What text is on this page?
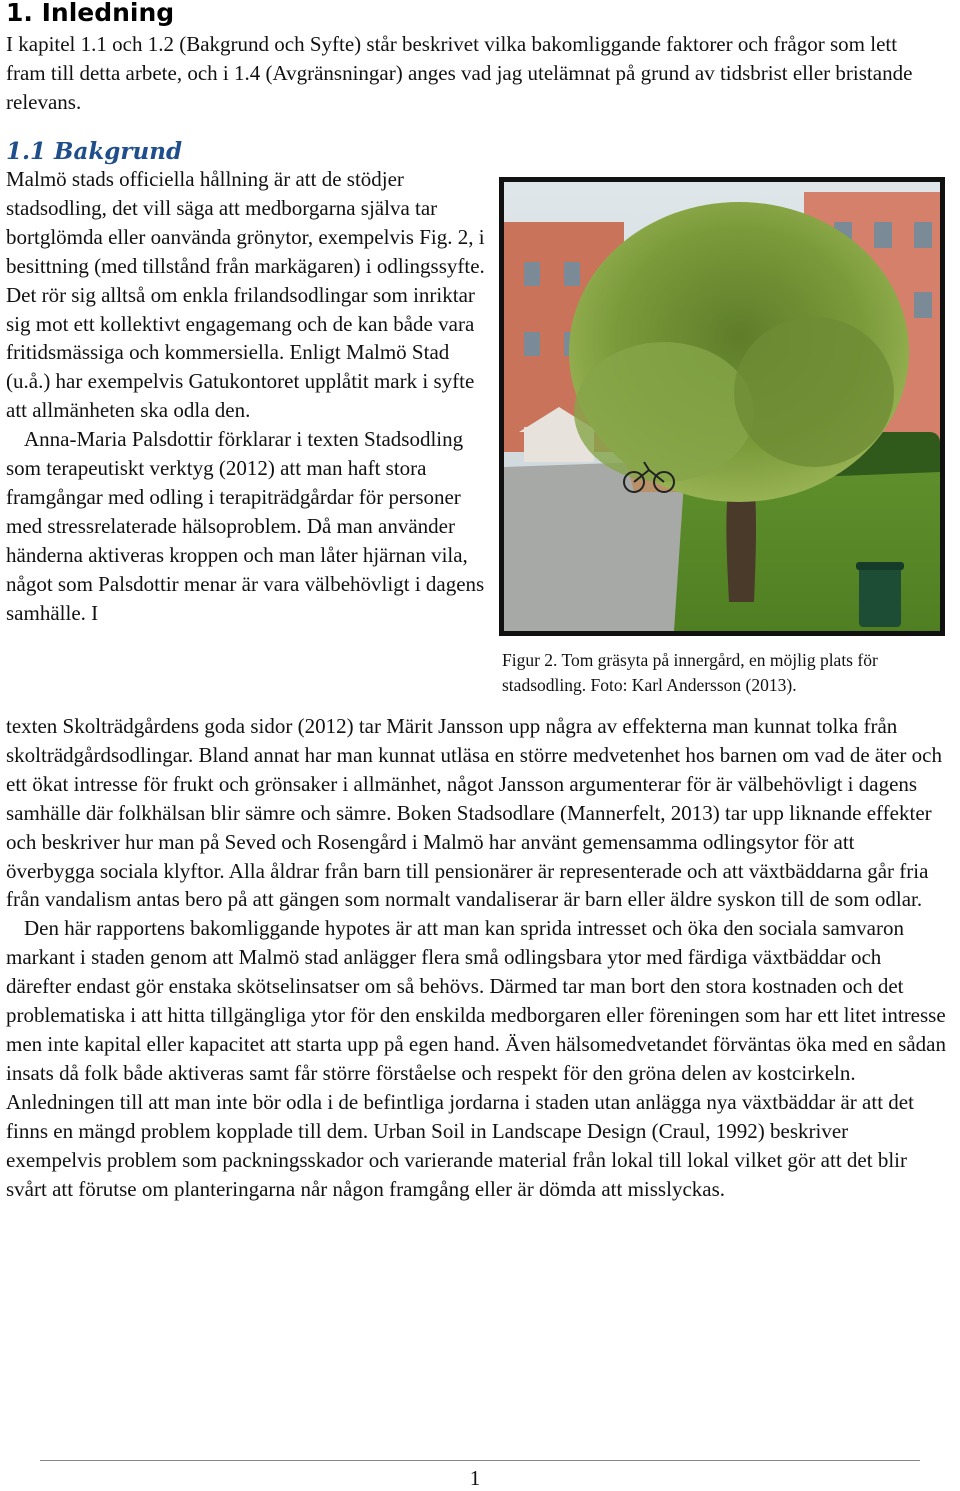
1. Inledning

I kapitel 1.1 och 1.2 (Bakgrund och Syfte) står beskrivet vilka bakomliggande faktorer och frågor som lett fram till detta arbete, och i 1.4 (Avgränsningar) anges vad jag utelämnat på grund av tidsbrist eller bristande relevans.

1.1 Bakgrund

Malmö stads officiella hållning är att de stödjer stadsodling, det vill säga att medborgarna själva tar bortglömda eller oanvända grönytor, exempelvis Fig. 2, i besittning (med tillstånd från markägaren) i odlingssyfte. Det rör sig alltså om enkla frilandsodlingar som inriktar sig mot ett kollektivt engagemang och de kan både vara fritidsmässiga och kommersiella. Enligt Malmö Stad (u.å.) har exempelvis Gatukontoret upplåtit mark i syfte att allmänheten ska odla den.

Anna-Maria Palsdottir förklarar i texten Stadsodling som terapeutiskt verktyg (2012) att man haft stora framgångar med odling i terapiträdgårdar för personer med stressrelaterade hälsoproblem. Då man använder händerna aktiveras kroppen och man låter hjärnan vila, något som Palsdottir menar är vara välbehövligt i dagens samhälle. I

Figur 2. Tom gräsyta på innergård, en möjlig plats för stadsodling. Foto: Karl Andersson (2013).

texten Skolträdgårdens goda sidor (2012) tar Märit Jansson upp några av effekterna man kunnat tolka från skolträdgårdsodlingar. Bland annat har man kunnat utläsa en större medvetenhet hos barnen om vad de äter och ett ökat intresse för frukt och grönsaker i allmänhet, något Jansson argumenterar för är välbehövligt i dagens samhälle där folkhälsan blir sämre och sämre. Boken Stadsodlare (Mannerfelt, 2013) tar upp liknande effekter och beskriver hur man på Seved och Rosengård i Malmö har använt gemensamma odlingsytor för att överbygga sociala klyftor. Alla åldrar från barn till pensionärer är representerade och att växtbäddarna går fria från vandalism antas bero på att gängen som normalt vandaliserar är barn eller äldre syskon till de som odlar.

Den här rapportens bakomliggande hypotes är att man kan sprida intresset och öka den sociala samvaron markant i staden genom att Malmö stad anlägger flera små odlingsbara ytor med färdiga växtbäddar och därefter endast gör enstaka skötselinsatser om så behövs. Därmed tar man bort den stora kostnaden och det problematiska i att hitta tillgängliga ytor för den enskilda medborgaren eller föreningen som har ett litet intresse men inte kapital eller kapacitet att starta upp på egen hand. Även hälsomedvetandet förväntas öka med en sådan insats då folk både aktiveras samt får större förståelse och respekt för den gröna delen av kostcirkeln. Anledningen till att man inte bör odla i de befintliga jordarna i staden utan anlägga nya växtbäddar är att det finns en mängd problem kopplade till dem. Urban Soil in Landscape Design (Craul, 1992) beskriver exempelvis problem som packningsskador och varierande material från lokal till lokal vilket gör att det blir svårt att förutse om planteringarna når någon framgång eller är dömda att misslyckas.

1
